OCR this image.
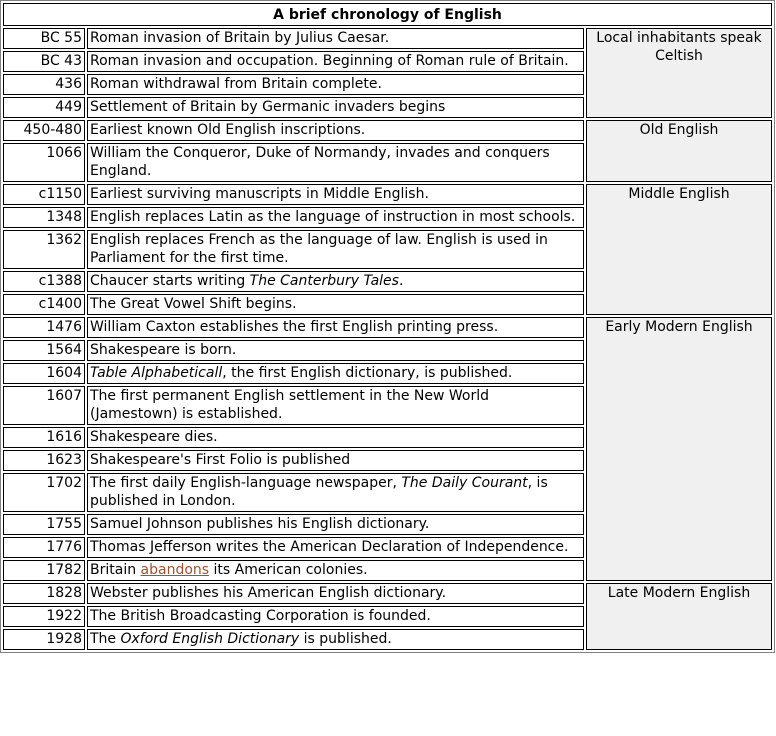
A brief chronology of English		
BC 55	Roman invasion of Britain by Julius Caesar.	Local inhabitants speak Celtish
BC 43	Roman invasion and occupation. Beginning of Roman rule of Britain.	
436	Roman withdrawal from Britain complete.	
449	Settlement of Britain by Germanic invaders begins	
450-480	Earliest known Old English inscriptions.	Old English
1066	William the Conqueror, Duke of Normandy, invades and conquers England.	
c1150	Earliest surviving manuscripts in Middle English.	Middle English
1348	English replaces Latin as the language of instruction in most schools.	
1362	English replaces French as the language of law. English is used in Parliament for the first time.	
c1388	Chaucer starts writing The Canterbury Tales.	
c1400	The Great Vowel Shift begins.	
1476	William Caxton establishes the first English printing press.	Early Modern English
1564	Shakespeare is born.	
1604	Table Alphabeticall, the first English dictionary, is published.	
1607	The first permanent English settlement in the New World (Jamestown) is established.	
1616	Shakespeare dies.	
1623	Shakespeare's First Folio is published	
1702	The first daily English-language newspaper, The Daily Courant, is published in London.	
1755	Samuel Johnson publishes his English dictionary.	
1776	Thomas Jefferson writes the American Declaration of Independence.	
1782	Britain abandons its American colonies.	
1828	Webster publishes his American English dictionary.	Late Modern English
1922	The British Broadcasting Corporation is founded.	
1928	The Oxford English Dictionary is published.	
